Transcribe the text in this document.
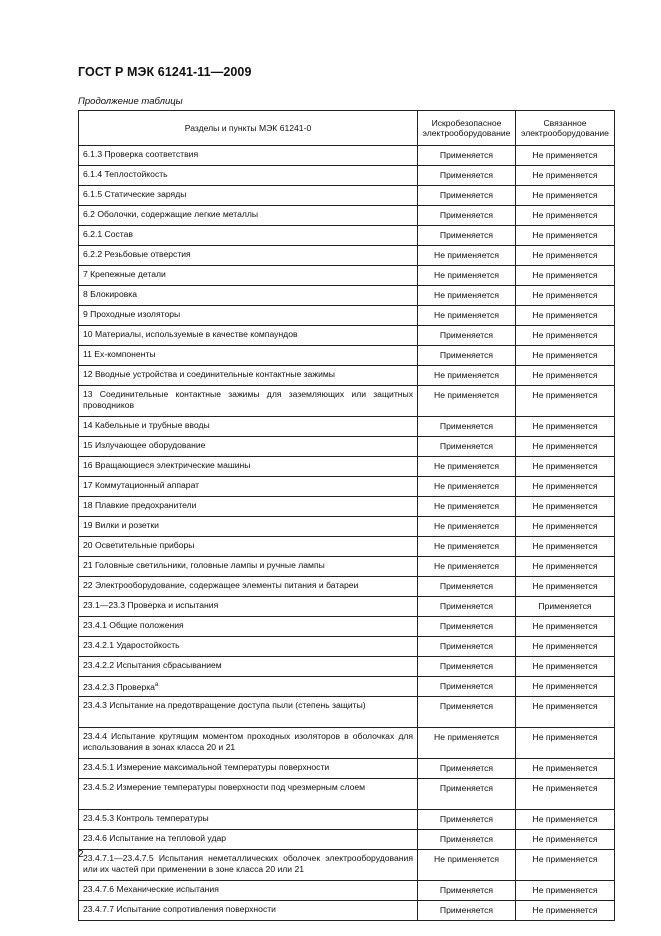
ГОСТ Р МЭК 61241-11—2009
Продолжение таблицы
Разделы и пункты МЭК 61241-0	Искробезопасное электрооборудование	Связанное электрооборудование
6.1.3 Проверка соответствия	Применяется	Не применяется
6.1.4 Теплостойкость	Применяется	Не применяется
6.1.5 Статические заряды	Применяется	Не применяется
6.2 Оболочки, содержащие легкие металлы	Применяется	Не применяется
6.2.1 Состав	Применяется	Не применяется
6.2.2 Резьбовые отверстия	Не применяется	Не применяется
7 Крепежные детали	Не применяется	Не применяется
8 Блокировка	Не применяется	Не применяется
9 Проходные изоляторы	Не применяется	Не применяется
10 Материалы, используемые в качестве компаундов	Применяется	Не применяется
11 Ex-компоненты	Применяется	Не применяется
12 Вводные устройства и соединительные контактные зажимы	Не применяется	Не применяется
13 Соединительные контактные зажимы для заземляющих или защитных проводников	Не применяется	Не применяется
14 Кабельные и трубные вводы	Применяется	Не применяется
15 Излучающее оборудование	Применяется	Не применяется
16 Вращающиеся электрические машины	Не применяется	Не применяется
17 Коммутационный аппарат	Не применяется	Не применяется
18 Плавкие предохранители	Не применяется	Не применяется
19 Вилки и розетки	Не применяется	Не применяется
20 Осветительные приборы	Не применяется	Не применяется
21 Головные светильники, головные лампы и ручные лампы	Не применяется	Не применяется
22 Электрооборудование, содержащее элементы питания и батареи	Применяется	Не применяется
23.1—23.3 Проверка и испытания	Применяется	Применяется
23.4.1 Общие положения	Применяется	Не применяется
23.4.2.1 Ударостойкость	Применяется	Не применяется
23.4.2.2 Испытания сбрасыванием	Применяется	Не применяется
23.4.2.3 Проверка$^а$	Применяется	Не применяется
23.4.3 Испытание на предотвращение доступа пыли (степень защиты)	Применяется	Не применяется
23.4.4 Испытание крутящим моментом проходных изоляторов в оболочках для использования в зонах класса 20 и 21	Не применяется	Не применяется
23.4.5.1 Измерение максимальной температуры поверхности	Применяется	Не применяется
23.4.5.2 Измерение температуры поверхности под чрезмерным слоем	Применяется	Не применяется
23.4.5.3 Контроль температуры	Применяется	Не применяется
23.4.6 Испытание на тепловой удар	Применяется	Не применяется
23.4.7.1—23.4.7.5 Испытания неметаллических оболочек электрооборудования или их частей при применении в зоне класса 20 или 21	Не применяется	Не применяется
23.4.7.6 Механические испытания	Применяется	Не применяется
23.4.7.7 Испытание сопротивления поверхности	Применяется	Не применяется
2
